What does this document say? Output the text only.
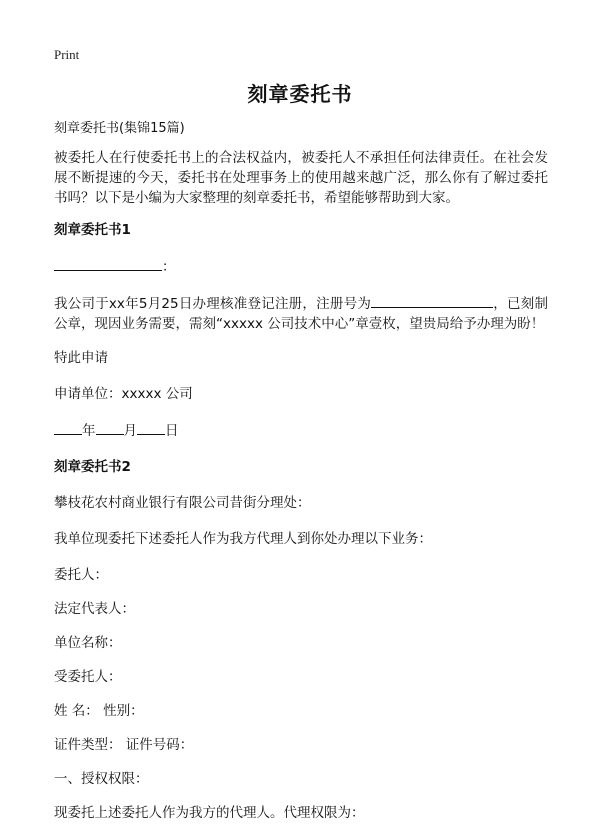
Print
刻章委托书
刻章委托书(集锦15篇)
被委托人在行使委托书上的合法权益内，被委托人不承担任何法律责任。在社会发展不断提速的今天，委托书在处理事务上的使用越来越广泛，那么你有了解过委托书吗？以下是小编为大家整理的刻章委托书，希望能够帮助到大家。
刻章委托书1
：
我公司于xx年5月25日办理核准登记注册，注册号为	，已刻制公章，现因业务需要，需刻“xxxxx 公司技术中心”章壹枚，望贵局给予办理为盼！
特此申请
申请单位：xxxxx 公司
年 月 日
刻章委托书2
攀枝花农村商业银行有限公司昔街分理处：
我单位现委托下述委托人作为我方代理人到你处办理以下业务：
委托人：
法定代表人：
单位名称：
受委托人：
姓 名： 性别：
证件类型： 证件号码：
一、授权权限：
现委托上述委托人作为我方的代理人。代理权限为：
